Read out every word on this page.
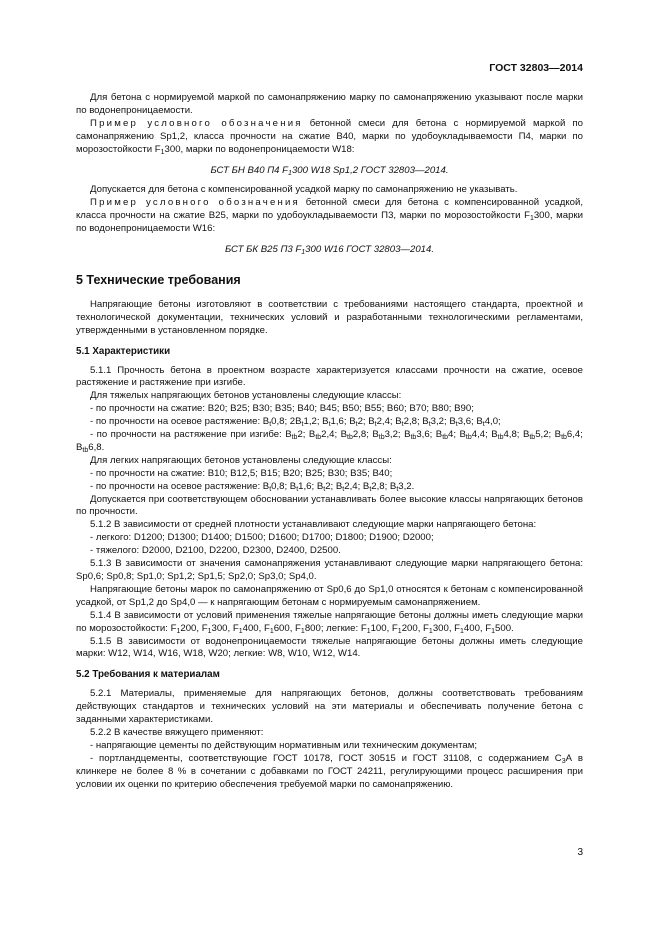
ГОСТ 32803—2014

Для бетона с нормируемой маркой по самонапряжению марку по самонапряжению указывают после марки по водонепроницаемости.

Пример условного обозначения бетонной смеси для бетона с нормируемой маркой по самонапряжению Sp1,2, класса прочности на сжатие В40, марки по удобоукладываемости П4, марки по морозостойкости $F_1300$, марки по водонепроницаемости W18:

БСТ БН В40 П4 $F_1300$ W18 Sp1,2 ГОСТ 32803—2014.

Допускается для бетона с компенсированной усадкой марку по самонапряжению не указывать.

Пример условного обозначения бетонной смеси для бетона с компенсированной усадкой, класса прочности на сжатие В25, марки по удобоукладываемости П3, марки по морозостойкости $F_1300$, марки по водонепроницаемости W16:

БСТ БК В25 П3 $F_1300$ W16 ГОСТ 32803—2014.

5 Технические требования

Напрягающие бетоны изготовляют в соответствии с требованиями настоящего стандарта, проектной и технологической документации, технических условий и разработанными технологическими регламентами, утвержденными в установленном порядке.

5.1 Характеристики

5.1.1 Прочность бетона в проектном возрасте характеризуется классами прочности на сжатие, осевое растяжение и растяжение при изгибе.

Для тяжелых напрягающих бетонов установлены следующие классы:

- по прочности на сжатие: В20; В25; В30; В35; В40; В45; В50; В55; В60; В70; В80; В90;

- по прочности на осевое растяжение: $В_t0,8$; $2В_t1,2$; $В_t1,6$; $В_t2$; $В_t2,4$; $В_t2,8$; $В_t3,2$; $В_t3,6$; $В_t4,0$;

- по прочности на растяжение при изгибе: $В_{tb}2$; $В_{tb}2,4$; $В_{tb}2,8$; $В_{tb}3,2$; $В_{tb}3,6$; $В_{tb}4$; $В_{tb}4,4$; $В_{tb}4,8$; $В_{tb}5,2$; $В_{tb}6,4$; $В_{tb}6,8$.

Для легких напрягающих бетонов установлены следующие классы:

- по прочности на сжатие: В10; В12,5; В15; В20; В25; В30; В35; В40;

- по прочности на осевое растяжение: $В_t0,8$; $В_t1,6$; $В_t2$; $В_t2,4$; $В_t2,8$; $В_t3,2$.

Допускается при соответствующем обосновании устанавливать более высокие классы напрягающих бетонов по прочности.

5.1.2 В зависимости от средней плотности устанавливают следующие марки напрягающего бетона:

- легкого: D1200; D1300; D1400; D1500; D1600; D1700; D1800; D1900; D2000;

- тяжелого: D2000, D2100, D2200, D2300, D2400, D2500.

5.1.3 В зависимости от значения самонапряжения устанавливают следующие марки напрягающего бетона: Sp0,6; Sp0,8; Sp1,0; Sp1,2; Sp1,5; Sp2,0; Sp3,0; Sp4,0.

Напрягающие бетоны марок по самонапряжению от Sp0,6 до Sp1,0 относятся к бетонам с компенсированной усадкой, от Sp1,2 до Sp4,0 — к напрягающим бетонам с нормируемым самонапряжением.

5.1.4 В зависимости от условий применения тяжелые напрягающие бетоны должны иметь следующие марки по морозостойкости: $F_1200$, $F_1300$, $F_1400$, $F_1600$, $F_1800$; легкие: $F_1100$, $F_1200$, $F_1300$, $F_1400$, $F_1500$.

5.1.5 В зависимости от водонепроницаемости тяжелые напрягающие бетоны должны иметь следующие марки: W12, W14, W16, W18, W20; легкие: W8, W10, W12, W14.

5.2 Требования к материалам

5.2.1 Материалы, применяемые для напрягающих бетонов, должны соответствовать требованиям действующих стандартов и технических условий на эти материалы и обеспечивать получение бетона с заданными характеристиками.

5.2.2 В качестве вяжущего применяют:

- напрягающие цементы по действующим нормативным или техническим документам;

- портландцементы, соответствующие ГОСТ 10178, ГОСТ 30515 и ГОСТ 31108, с содержанием $С_3А$ в клинкере не более 8 % в сочетании с добавками по ГОСТ 24211, регулирующими процесс расширения при условии их оценки по критерию обеспечения требуемой марки по самонапряжению.

3
